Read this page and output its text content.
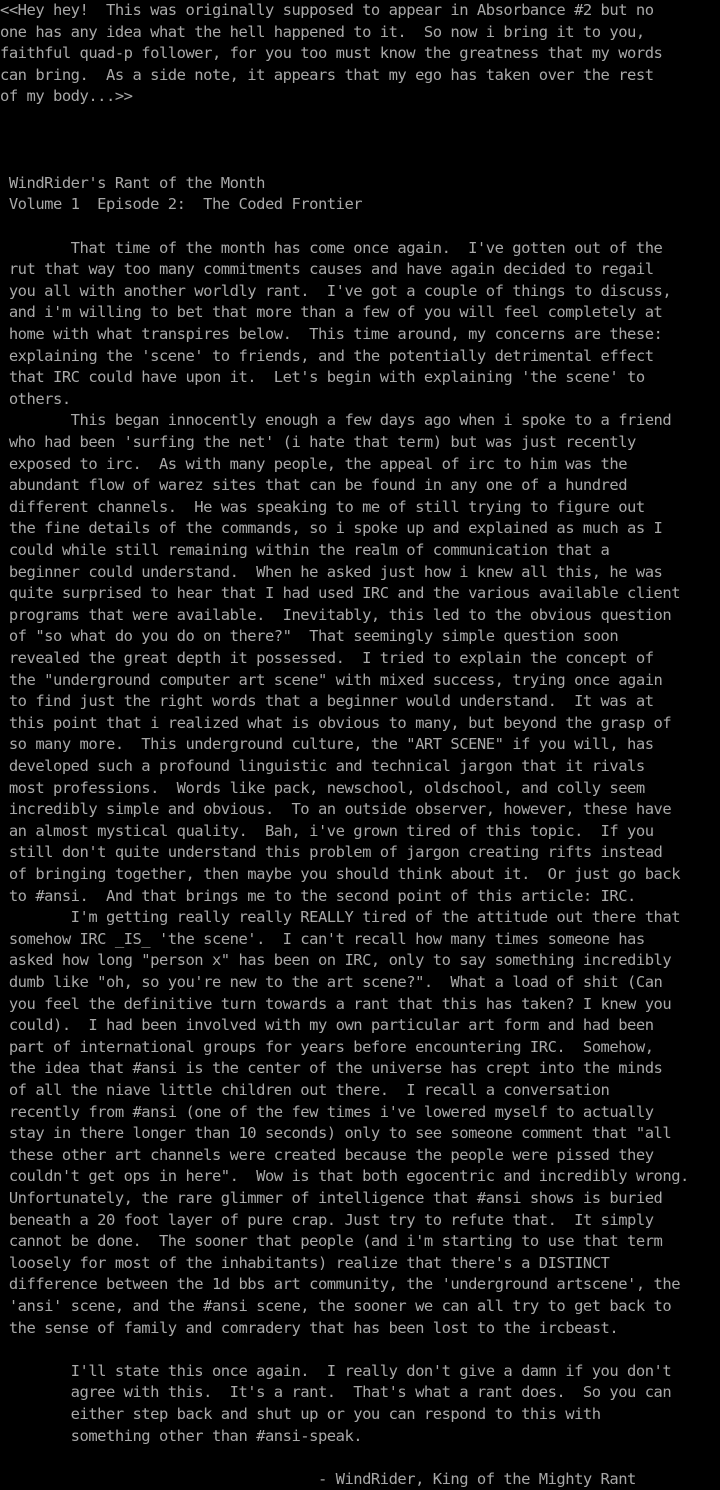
<<Hey hey!  This was originally supposed to appear in Absorbance #2 but no
one has any idea what the hell happened to it.  So now i bring it to you,
faithful quad-p follower, for you too must know the greatness that my words
can bring.  As a side note, it appears that my ego has taken over the rest
of my body...>>
WindRider's Rant of the Month
Volume 1  Episode 2:  The Coded Frontier
That time of the month has come once again.  I've gotten out of the
rut that way too many commitments causes and have again decided to regail
you all with another worldly rant.  I've got a couple of things to discuss,
and i'm willing to bet that more than a few of you will feel completely at
home with what transpires below.  This time around, my concerns are these:
explaining the 'scene' to friends, and the potentially detrimental effect
that IRC could have upon it.  Let's begin with explaining 'the scene' to
others.
This began innocently enough a few days ago when i spoke to a friend
who had been 'surfing the net' (i hate that term) but was just recently
exposed to irc.  As with many people, the appeal of irc to him was the
abundant flow of warez sites that can be found in any one of a hundred
different channels.  He was speaking to me of still trying to figure out
the fine details of the commands, so i spoke up and explained as much as I
could while still remaining within the realm of communication that a
beginner could understand.  When he asked just how i knew all this, he was
quite surprised to hear that I had used IRC and the various available client
programs that were available.  Inevitably, this led to the obvious question
of "so what do you do on there?"  That seemingly simple question soon
revealed the great depth it possessed.  I tried to explain the concept of
the "underground computer art scene" with mixed success, trying once again
to find just the right words that a beginner would understand.  It was at
this point that i realized what is obvious to many, but beyond the grasp of
so many more.  This underground culture, the "ART SCENE" if you will, has
developed such a profound linguistic and technical jargon that it rivals
most professions.  Words like pack, newschool, oldschool, and colly seem
incredibly simple and obvious.  To an outside observer, however, these have
an almost mystical quality.  Bah, i've grown tired of this topic.  If you
still don't quite understand this problem of jargon creating rifts instead
of bringing together, then maybe you should think about it.  Or just go back
to #ansi.  And that brings me to the second point of this article: IRC.
I'm getting really really REALLY tired of the attitude out there that
somehow IRC _IS_ 'the scene'.  I can't recall how many times someone has
asked how long "person x" has been on IRC, only to say something incredibly
dumb like "oh, so you're new to the art scene?".  What a load of shit (Can
you feel the definitive turn towards a rant that this has taken? I knew you
could).  I had been involved with my own particular art form and had been
part of international groups for years before encountering IRC.  Somehow,
the idea that #ansi is the center of the universe has crept into the minds
of all the niave little children out there.  I recall a conversation
recently from #ansi (one of the few times i've lowered myself to actually
stay in there longer than 10 seconds) only to see someone comment that "all
these other art channels were created because the people were pissed they
couldn't get ops in here".  Wow is that both egocentric and incredibly wrong.
Unfortunately, the rare glimmer of intelligence that #ansi shows is buried
beneath a 20 foot layer of pure crap. Just try to refute that.  It simply
cannot be done.  The sooner that people (and i'm starting to use that term
loosely for most of the inhabitants) realize that there's a DISTINCT
difference between the 1d bbs art community, the 'underground artscene', the
'ansi' scene, and the #ansi scene, the sooner we can all try to get back to
the sense of family and comradery that has been lost to the ircbeast.
I'll state this once again.  I really don't give a damn if you don't
agree with this.  It's a rant.  That's what a rant does.  So you can
either step back and shut up or you can respond to this with
something other than #ansi-speak.
- WindRider, King of the Mighty Rant
